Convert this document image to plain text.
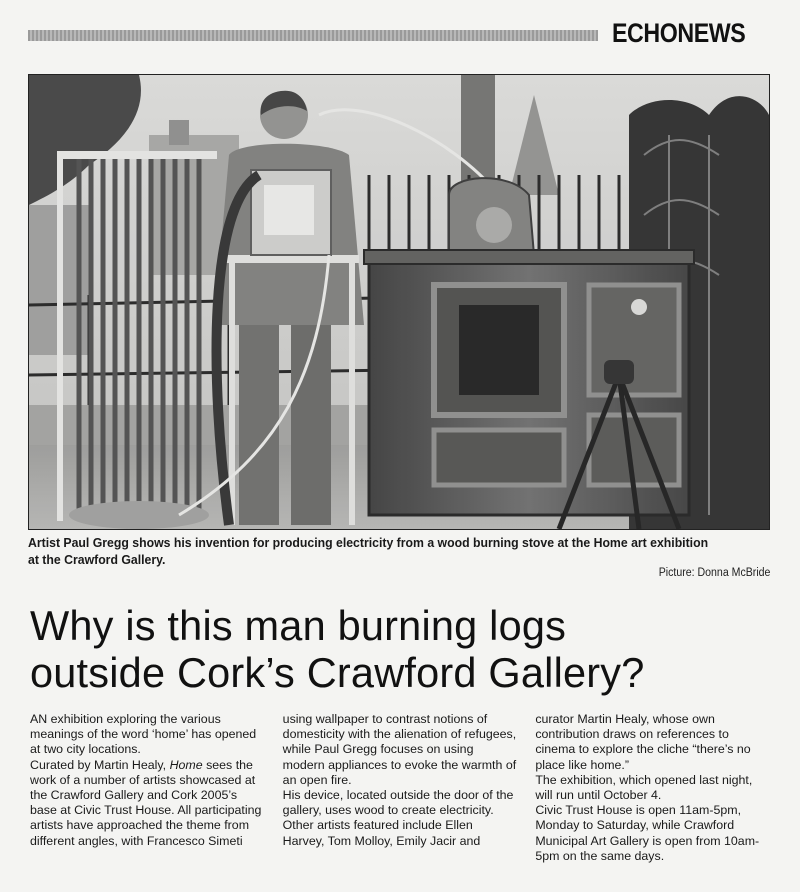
ECHONEWS
Artist Paul Gregg shows his invention for producing electricity from a wood burning stove at the Home art exhibition at the Crawford Gallery.
Picture: Donna McBride
Why is this man burning logs
outside Cork’s Crawford Gallery?

AN exhibition exploring the various meanings of the word ‘home’ has opened at two city locations.

Curated by Martin Healy, Home sees the work of a number of artists showcased at the Crawford Gallery and Cork 2005’s base at Civic Trust House. All participating artists have approached the theme from different angles, with Francesco Simeti

using wallpaper to contrast notions of domesticity with the alienation of refugees, while Paul Gregg focuses on using modern appliances to evoke the warmth of an open fire.

His device, located outside the door of the gallery, uses wood to create electricity.

Other artists featured include Ellen Harvey, Tom Molloy, Emily Jacir and

curator Martin Healy, whose own contribution draws on references to cinema to explore the cliche “there’s no place like home.”

The exhibition, which opened last night, will run until October 4.

Civic Trust House is open 11am-5pm, Monday to Saturday, while Crawford Municipal Art Gallery is open from 10am-5pm on the same days.
